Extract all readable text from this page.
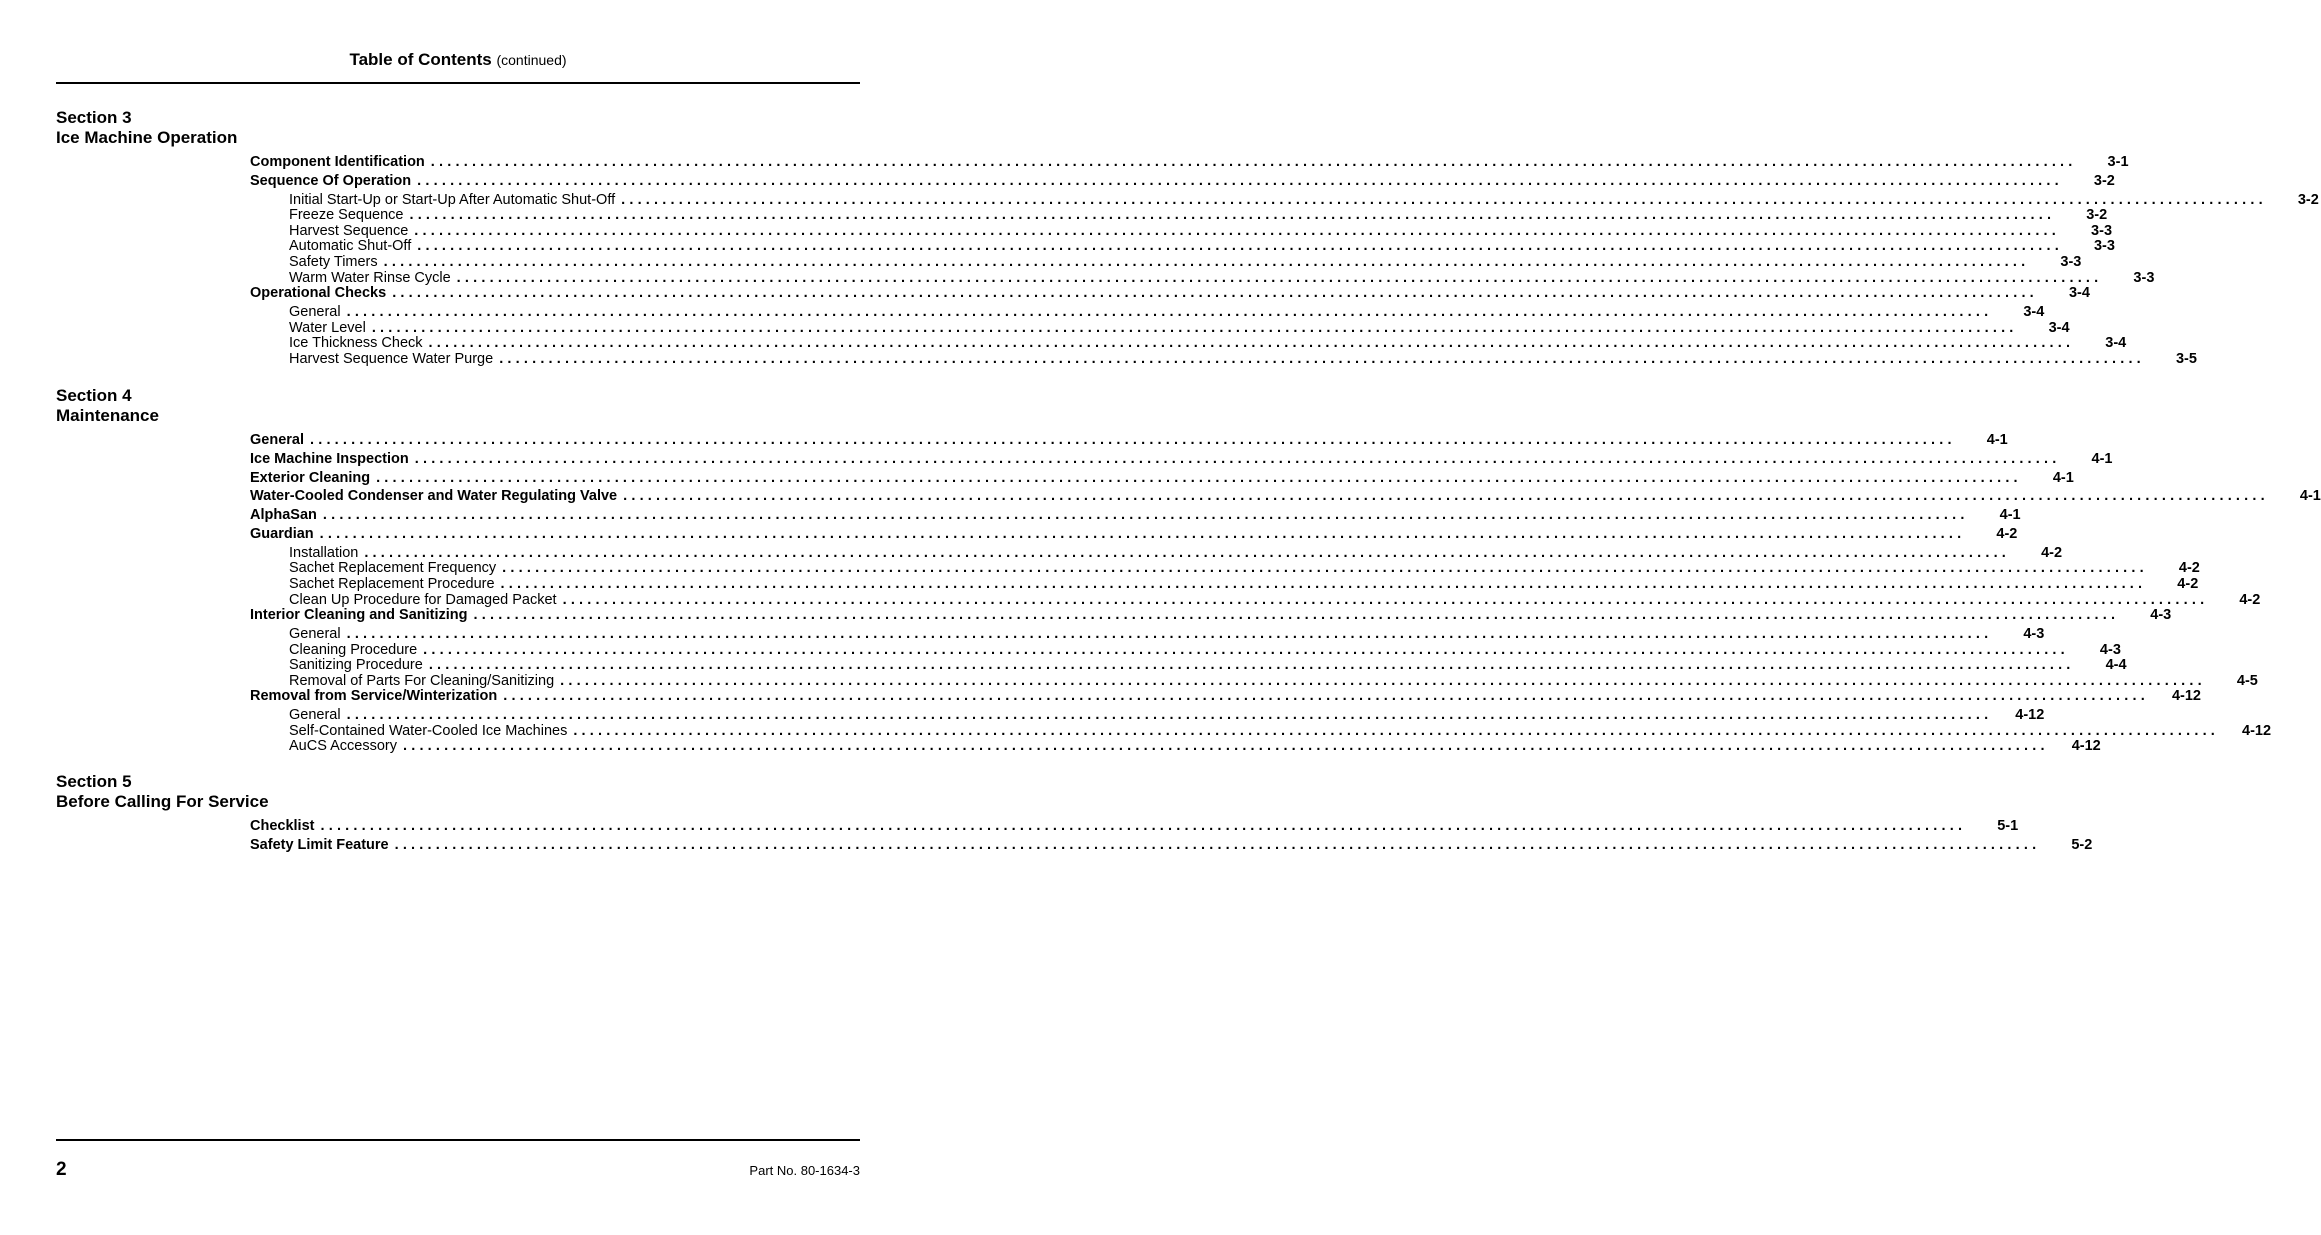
Table of Contents (continued)
Section 3
Ice Machine Operation
Component Identification ........................................................................................................................................................................................................	3-1
Sequence Of Operation ........................................................................................................................................................................................................	3-2
Initial Start-Up or Start-Up After Automatic Shut-Off ........................................................................................................................................................................................................	3-2
Freeze Sequence ........................................................................................................................................................................................................	3-2
Harvest Sequence ........................................................................................................................................................................................................	3-3
Automatic Shut-Off ........................................................................................................................................................................................................	3-3
Safety Timers ........................................................................................................................................................................................................	3-3
Warm Water Rinse Cycle ........................................................................................................................................................................................................	3-3
Operational Checks ........................................................................................................................................................................................................	3-4
General ........................................................................................................................................................................................................	3-4
Water Level ........................................................................................................................................................................................................	3-4
Ice Thickness Check ........................................................................................................................................................................................................	3-4
Harvest Sequence Water Purge ........................................................................................................................................................................................................	3-5
Section 4
Maintenance
General ........................................................................................................................................................................................................	4-1
Ice Machine Inspection ........................................................................................................................................................................................................	4-1
Exterior Cleaning ........................................................................................................................................................................................................	4-1
Water-Cooled Condenser and Water Regulating Valve ........................................................................................................................................................................................................	4-1
AlphaSan ........................................................................................................................................................................................................	4-1
Guardian ........................................................................................................................................................................................................	4-2
Installation ........................................................................................................................................................................................................	4-2
Sachet Replacement Frequency ........................................................................................................................................................................................................	4-2
Sachet Replacement Procedure ........................................................................................................................................................................................................	4-2
Clean Up Procedure for Damaged Packet ........................................................................................................................................................................................................	4-2
Interior Cleaning and Sanitizing ........................................................................................................................................................................................................	4-3
General ........................................................................................................................................................................................................	4-3
Cleaning Procedure ........................................................................................................................................................................................................	4-3
Sanitizing Procedure ........................................................................................................................................................................................................	4-4
Removal of Parts For Cleaning/Sanitizing ........................................................................................................................................................................................................	4-5
Removal from Service/Winterization ........................................................................................................................................................................................................	4-12
General ........................................................................................................................................................................................................	4-12
Self-Contained Water-Cooled Ice Machines ........................................................................................................................................................................................................	4-12
AuCS Accessory ........................................................................................................................................................................................................	4-12
Section 5
Before Calling For Service
Checklist ........................................................................................................................................................................................................	5-1
Safety Limit Feature ........................................................................................................................................................................................................	5-2
2	Part No. 80-1634-3
